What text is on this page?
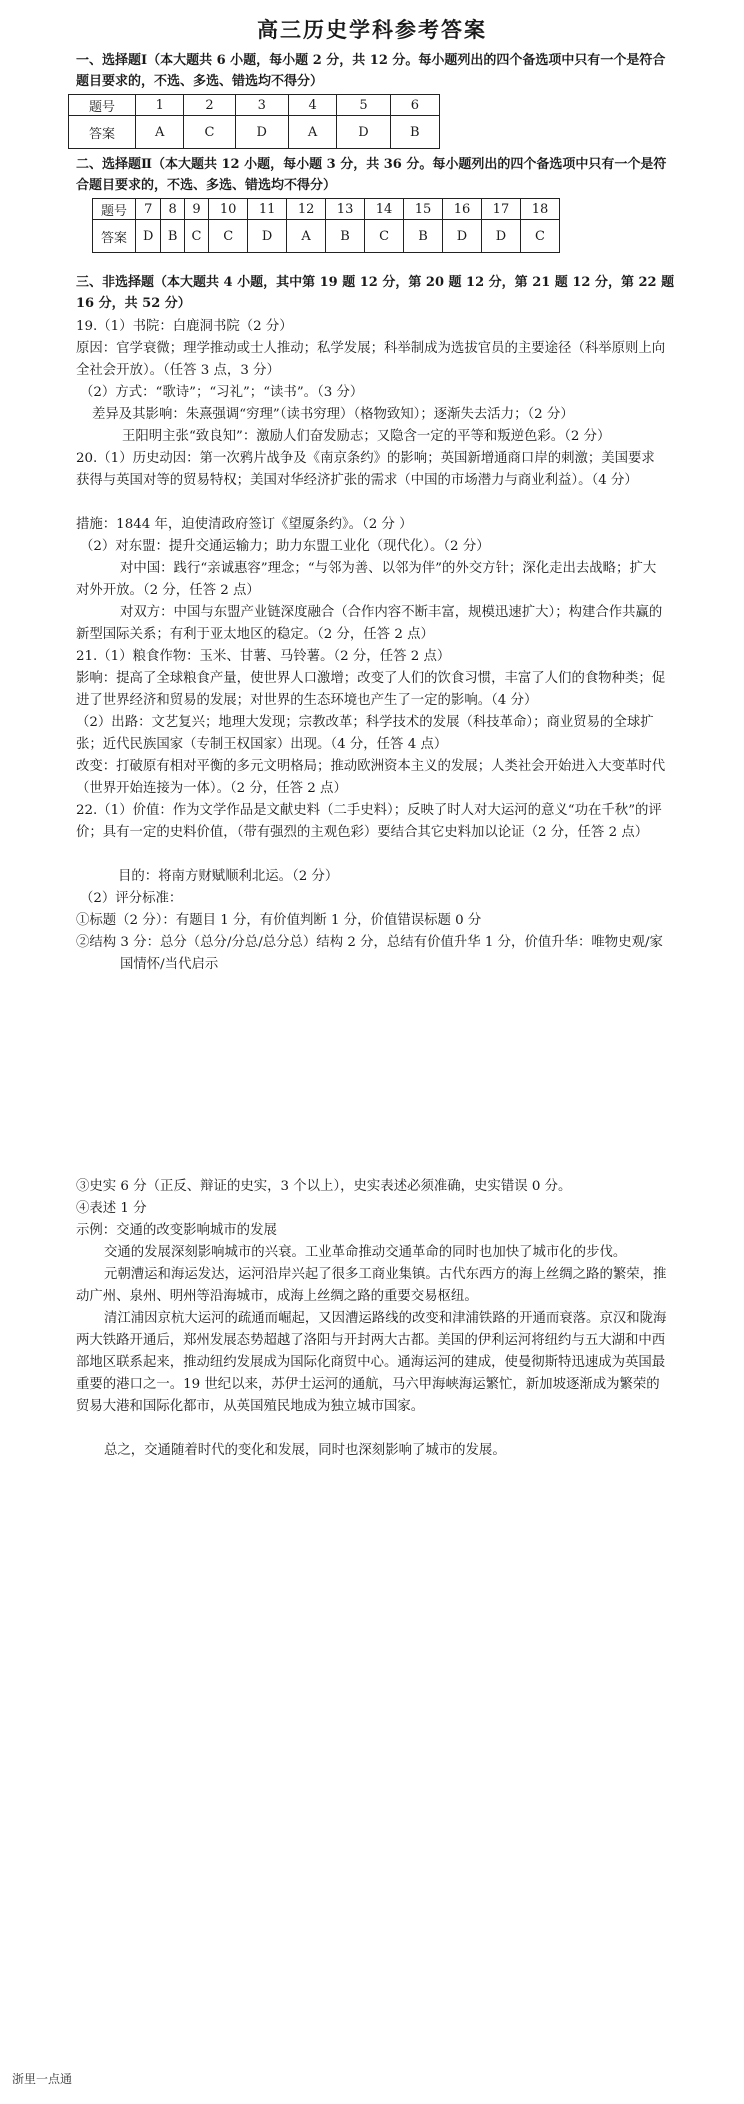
高三历史学科参考答案
一、选择题Ⅰ（本大题共 6 小题，每小题 2 分，共 12 分。每小题列出的四个备选项中只有一个是符合题目要求的，不选、多选、错选均不得分）
题号	1	2	3	4	5	6
答案	A	C	D	A	D	B
二、选择题Ⅱ（本大题共 12 小题，每小题 3 分，共 36 分。每小题列出的四个备选项中只有一个是符合题目要求的，不选、多选、错选均不得分）
题号	7	8	9	10	11	12	13	14	15	16	17	18
答案	D	B	C	C	D	A	B	C	B	D	D	C
三、非选择题（本大题共 4 小题，其中第 19 题 12 分，第 20 题 12 分，第 21 题 12 分，第 22 题 16 分，共 52 分）
19.（1）书院：白鹿洞书院（2 分）
原因：官学衰微；理学推动或士人推动；私学发展；科举制成为选拔官员的主要途径（科举原则上向全社会开放）。（任答 3 点，3 分）
（2）方式：“歌诗”；“习礼”；“读书”。（3 分）
差异及其影响：朱熹强调“穷理”（读书穷理）（格物致知）；逐渐失去活力；（2 分）
王阳明主张“致良知”：激励人们奋发励志；又隐含一定的平等和叛逆色彩。（2 分）
20.（1）历史动因：第一次鸦片战争及《南京条约》的影响；英国新增通商口岸的刺激；美国要求获得与英国对等的贸易特权；美国对华经济扩张的需求（中国的市场潜力与商业利益）。（4 分）
措施：1844 年，迫使清政府签订《望厦条约》。（2 分 ）
（2）对东盟：提升交通运输力；助力东盟工业化（现代化）。（2 分）
对中国：践行“亲诚惠容”理念；“与邻为善、以邻为伴”的外交方针；深化走出去战略；扩大对外开放。（2 分，任答 2 点）
对双方：中国与东盟产业链深度融合（合作内容不断丰富，规模迅速扩大）；构建合作共赢的新型国际关系；有利于亚太地区的稳定。（2 分，任答 2 点）
21.（1）粮食作物：玉米、甘薯、马铃薯。（2 分，任答 2 点）
影响：提高了全球粮食产量，使世界人口激增；改变了人们的饮食习惯，丰富了人们的食物种类；促进了世界经济和贸易的发展；对世界的生态环境也产生了一定的影响。（4 分）
（2）出路：文艺复兴；地理大发现；宗教改革；科学技术的发展（科技革命）；商业贸易的全球扩张；近代民族国家（专制王权国家）出现。（4 分，任答 4 点）
改变：打破原有相对平衡的多元文明格局；推动欧洲资本主义的发展；人类社会开始进入大变革时代（世界开始连接为一体）。（2 分，任答 2 点）
22.（1）价值：作为文学作品是文献史料（二手史料）；反映了时人对大运河的意义“功在千秋”的评价；具有一定的史料价值，（带有强烈的主观色彩）要结合其它史料加以论证（2 分，任答 2 点）
目的：将南方财赋顺利北运。（2 分）
（2）评分标准：
①标题（2 分）：有题目 1 分，有价值判断 1 分，价值错误标题 0 分
②结构 3 分：总分（总分/分总/总分总）结构 2 分，总结有价值升华 1 分，价值升华：唯物史观/家国情怀/当代启示
③史实 6 分（正反、辩证的史实，3 个以上），史实表述必须准确，史实错误 0 分。
④表述 1 分
示例：交通的改变影响城市的发展
交通的发展深刻影响城市的兴衰。工业革命推动交通革命的同时也加快了城市化的步伐。
元朝漕运和海运发达，运河沿岸兴起了很多工商业集镇。古代东西方的海上丝绸之路的繁荣，推动广州、泉州、明州等沿海城市，成海上丝绸之路的重要交易枢纽。
清江浦因京杭大运河的疏通而崛起，又因漕运路线的改变和津浦铁路的开通而衰落。京汉和陇海两大铁路开通后，郑州发展态势超越了洛阳与开封两大古都。美国的伊利运河将纽约与五大湖和中西部地区联系起来，推动纽约发展成为国际化商贸中心。通海运河的建成，使曼彻斯特迅速成为英国最重要的港口之一。19 世纪以来，苏伊士运河的通航，马六甲海峡海运繁忙，新加坡逐渐成为繁荣的贸易大港和国际化都市，从英国殖民地成为独立城市国家。
总之，交通随着时代的变化和发展，同时也深刻影响了城市的发展。
浙里一点通
